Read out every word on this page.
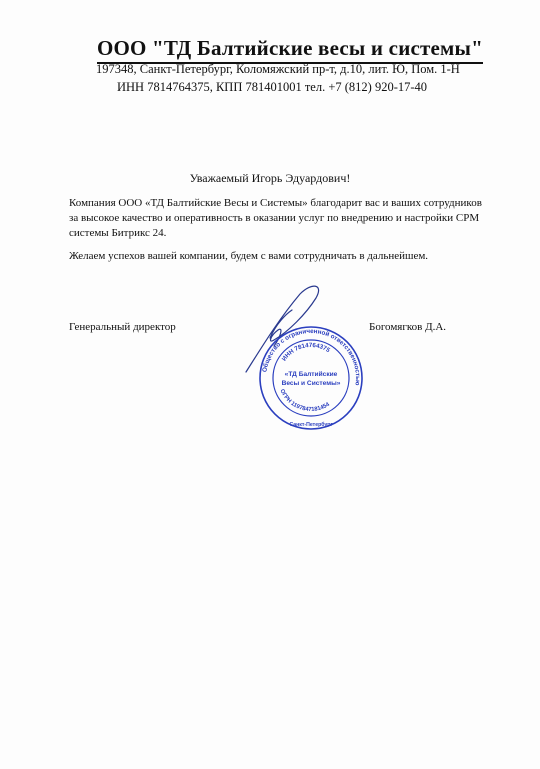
ООО "ТД Балтийские весы и системы"
197348, Санкт-Петербург, Коломяжский пр-т, д.10, лит. Ю, Пом. 1-Н
ИНН 7814764375, КПП 781401001 тел. +7 (812) 920-17-40
Уважаемый Игорь Эдуардович!
Компания ООО «ТД Балтийские Весы и Системы» благодарит вас и ваших сотрудников
за высокое качество и оперативность в оказании услуг по внедрению и настройки СРМ
системы Битрикс 24.
Желаем успехов вашей компании, будем с вами сотрудничать в дальнейшем.
Генеральный директор	Богомягков Д.А.
Общество с ограниченной ответственностью
ИНН 7814764375
«ТД Балтийские
Весы и Системы»
ОГРН 1197847181454
Санкт-Петербург
